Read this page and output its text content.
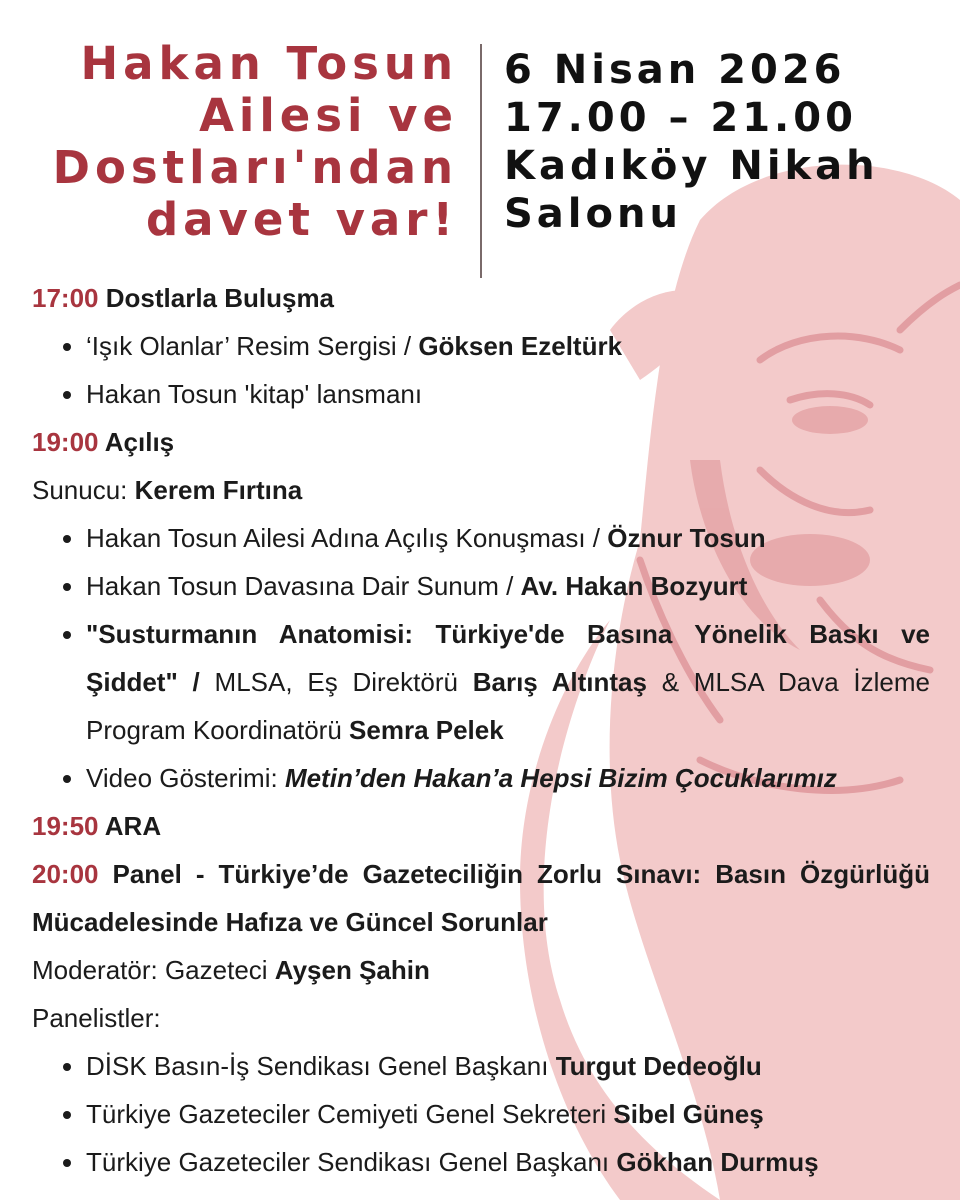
Hakan Tosun
Ailesi ve
Dostları'ndan
davet var!
6 Nisan 2026
17.00 – 21.00
Kadıköy Nikah
Salonu
17:00 Dostlarla Buluşma
• ‘Işık Olanlar’ Resim Sergisi / Göksen Ezeltürk
• Hakan Tosun 'kitap' lansmanı
19:00 Açılış
Sunucu: Kerem Fırtına
• Hakan Tosun Ailesi Adına Açılış Konuşması / Öznur Tosun
• Hakan Tosun Davasına Dair Sunum / Av. Hakan Bozyurt
• "Susturmanın Anatomisi: Türkiye'de Basına Yönelik Baskı ve Şiddet" / MLSA, Eş Direktörü Barış Altıntaş & MLSA Dava İzleme Program Koordinatörü Semra Pelek
• Video Gösterimi: Metin’den Hakan’a Hepsi Bizim Çocuklarımız
19:50 ARA
20:00 Panel - Türkiye’de Gazeteciliğin Zorlu Sınavı: Basın Özgürlüğü Mücadelesinde Hafıza ve Güncel Sorunlar
Moderatör: Gazeteci Ayşen Şahin
Panelistler:
• DİSK Basın-İş Sendikası Genel Başkanı Turgut Dedeoğlu
• Türkiye Gazeteciler Cemiyeti Genel Sekreteri Sibel Güneş
• Türkiye Gazeteciler Sendikası Genel Başkanı Gökhan Durmuş
